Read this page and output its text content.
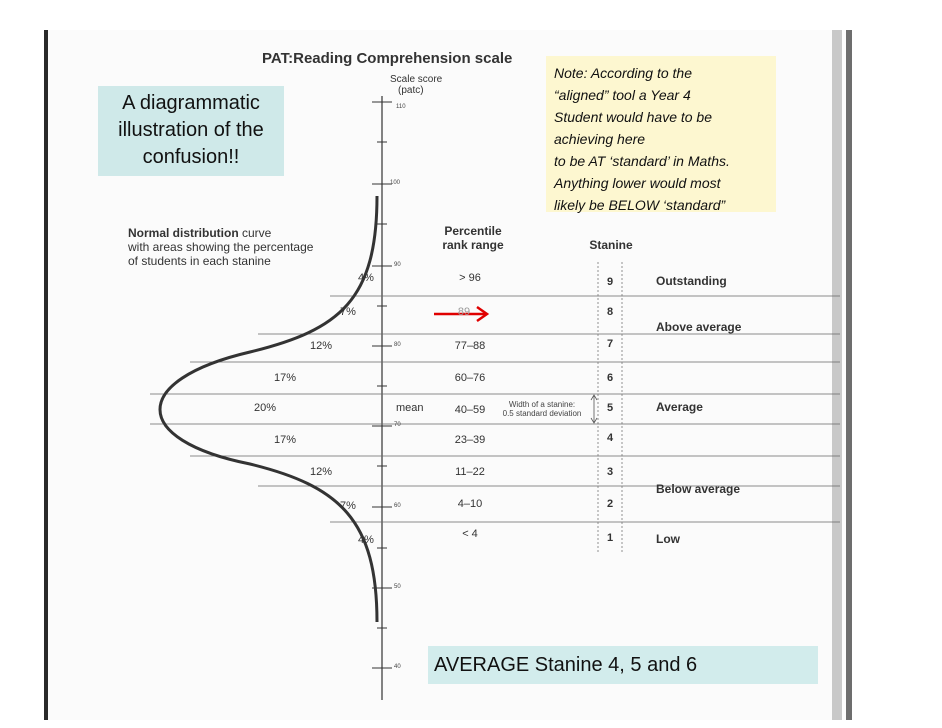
PAT:Reading Comprehension scale
Scale score
(patc)
110
100
90
80
70
60
50
40
mean
A diagrammatic
illustration of the
confusion!!
Note: According to the
“aligned” tool a Year 4
Student would have to be
achieving here
to be AT ‘standard’ in Maths.
Anything lower would most
likely be BELOW ‘standard”
Normal distribution curve
with areas showing the percentage
of students in each stanine
Percentile
rank range	Stanine
4%
7%
12%
17%
20%
17%
12%
7%
4%
> 96
89
77–88
60–76
40–59
23–39
11–22
4–10
< 4
Width of a stanine:
0.5 standard deviation
9
8
7
6
5
4
3
2
1
Outstanding
Above average
Average
Below average
Low
AVERAGE Stanine 4, 5 and 6
